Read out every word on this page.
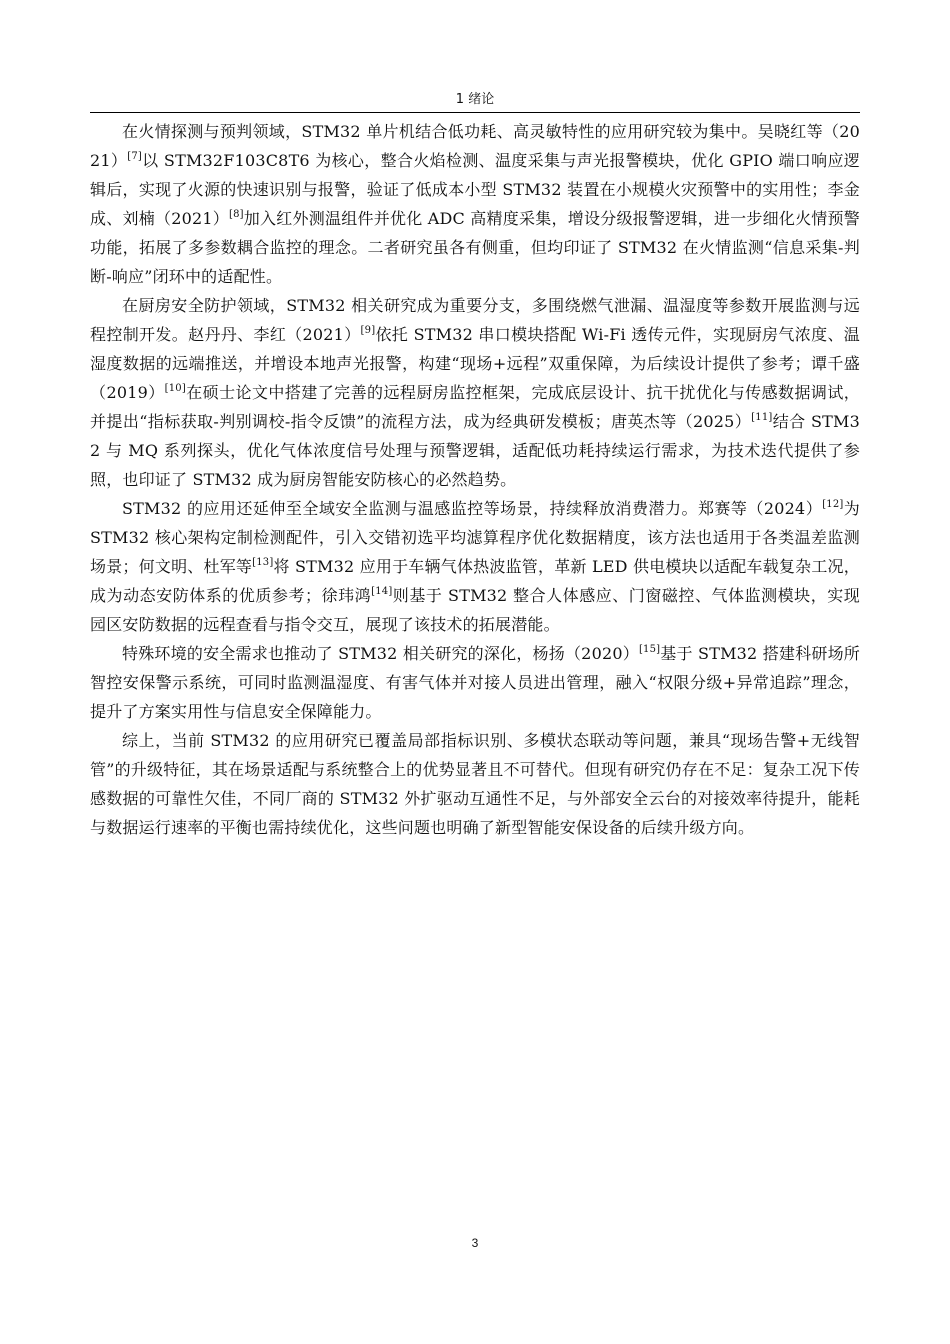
1 绪论

在火情探测与预判领域，STM32 单片机结合低功耗、高灵敏特性的应用研究较为集中。吴晓红等（2021）[7]以 STM32F103C8T6 为核心，整合火焰检测、温度采集与声光报警模块，优化 GPIO 端口响应逻辑后，实现了火源的快速识别与报警，验证了低成本小型 STM32 装置在小规模火灾预警中的实用性；李金成、刘楠（2021）[8]加入红外测温组件并优化 ADC 高精度采集，增设分级报警逻辑，进一步细化火情预警功能，拓展了多参数耦合监控的理念。二者研究虽各有侧重，但均印证了 STM32 在火情监测“信息采集-判断-响应”闭环中的适配性。

在厨房安全防护领域，STM32 相关研究成为重要分支，多围绕燃气泄漏、温湿度等参数开展监测与远程控制开发。赵丹丹、李红（2021）[9]依托 STM32 串口模块搭配 Wi-Fi 透传元件，实现厨房气浓度、温湿度数据的远端推送，并增设本地声光报警，构建“现场+远程”双重保障，为后续设计提供了参考；谭千盛（2019）[10]在硕士论文中搭建了完善的远程厨房监控框架，完成底层设计、抗干扰优化与传感数据调试，并提出“指标获取-判别调校-指令反馈”的流程方法，成为经典研发模板；唐英杰等（2025）[11]结合 STM32 与 MQ 系列探头，优化气体浓度信号处理与预警逻辑，适配低功耗持续运行需求，为技术迭代提供了参照，也印证了 STM32 成为厨房智能安防核心的必然趋势。

STM32 的应用还延伸至全域安全监测与温感监控等场景，持续释放消费潜力。郑赛等（2024）[12]为 STM32 核心架构定制检测配件，引入交错初选平均滤算程序优化数据精度，该方法也适用于各类温差监测场景；何文明、杜军等[13]将 STM32 应用于车辆气体热波监管，革新 LED 供电模块以适配车载复杂工况，成为动态安防体系的优质参考；徐玮鸿[14]则基于 STM32 整合人体感应、门窗磁控、气体监测模块，实现园区安防数据的远程查看与指令交互，展现了该技术的拓展潜能。

特殊环境的安全需求也推动了 STM32 相关研究的深化，杨扬（2020）[15]基于 STM32 搭建科研场所智控安保警示系统，可同时监测温湿度、有害气体并对接人员进出管理，融入“权限分级+异常追踪”理念，提升了方案实用性与信息安全保障能力。

综上，当前 STM32 的应用研究已覆盖局部指标识别、多模状态联动等问题，兼具“现场告警+无线智管”的升级特征，其在场景适配与系统整合上的优势显著且不可替代。但现有研究仍存在不足：复杂工况下传感数据的可靠性欠佳，不同厂商的 STM32 外扩驱动互通性不足，与外部安全云台的对接效率待提升，能耗与数据运行速率的平衡也需持续优化，这些问题也明确了新型智能安保设备的后续升级方向。

3
